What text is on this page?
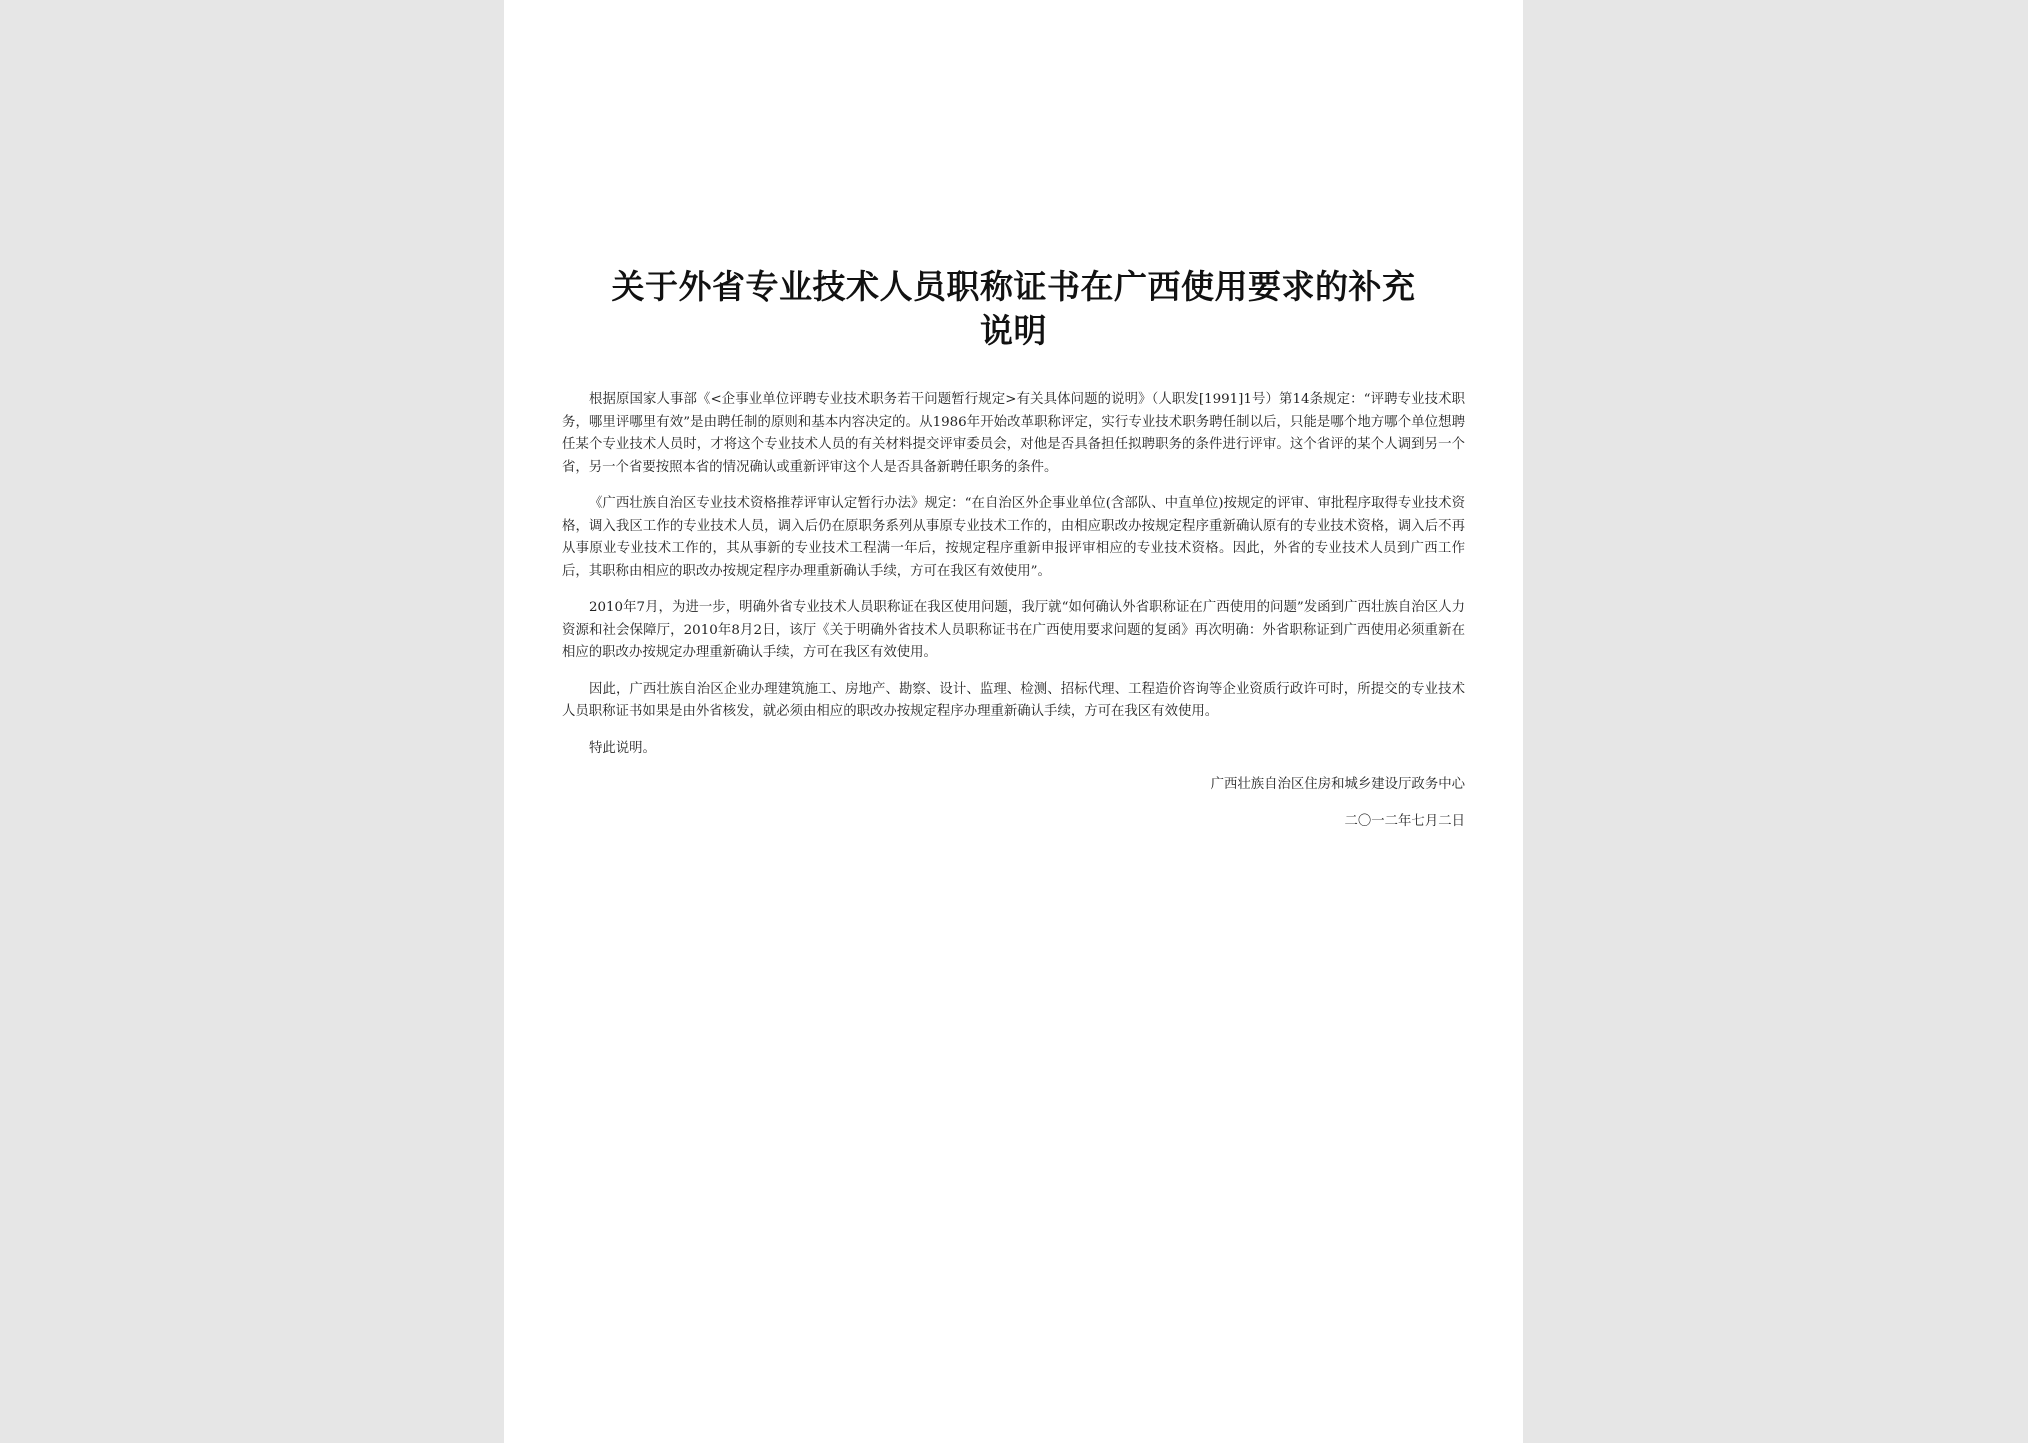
关于外省专业技术人员职称证书在广西使用要求的补充
说明

根据原国家人事部《<企事业单位评聘专业技术职务若干问题暂行规定>有关具体问题的说明》（人职发[1991]1号）第14条规定：“评聘专业技术职务，哪里评哪里有效”是由聘任制的原则和基本内容决定的。从1986年开始改革职称评定，实行专业技术职务聘任制以后，只能是哪个地方哪个单位想聘任某个专业技术人员时，才将这个专业技术人员的有关材料提交评审委员会，对他是否具备担任拟聘职务的条件进行评审。这个省评的某个人调到另一个省，另一个省要按照本省的情况确认或重新评审这个人是否具备新聘任职务的条件。

《广西壮族自治区专业技术资格推荐评审认定暂行办法》规定：“在自治区外企事业单位(含部队、中直单位)按规定的评审、审批程序取得专业技术资格，调入我区工作的专业技术人员，调入后仍在原职务系列从事原专业技术工作的，由相应职改办按规定程序重新确认原有的专业技术资格，调入后不再从事原业专业技术工作的，其从事新的专业技术工程满一年后，按规定程序重新申报评审相应的专业技术资格。因此，外省的专业技术人员到广西工作后，其职称由相应的职改办按规定程序办理重新确认手续，方可在我区有效使用”。

2010年7月，为进一步，明确外省专业技术人员职称证在我区使用问题，我厅就“如何确认外省职称证在广西使用的问题”发函到广西壮族自治区人力资源和社会保障厅，2010年8月2日，该厅《关于明确外省技术人员职称证书在广西使用要求问题的复函》再次明确：外省职称证到广西使用必须重新在相应的职改办按规定办理重新确认手续，方可在我区有效使用。

因此，广西壮族自治区企业办理建筑施工、房地产、勘察、设计、监理、检测、招标代理、工程造价咨询等企业资质行政许可时，所提交的专业技术人员职称证书如果是由外省核发，就必须由相应的职改办按规定程序办理重新确认手续，方可在我区有效使用。

特此说明。

广西壮族自治区住房和城乡建设厅政务中心

二〇一二年七月二日
